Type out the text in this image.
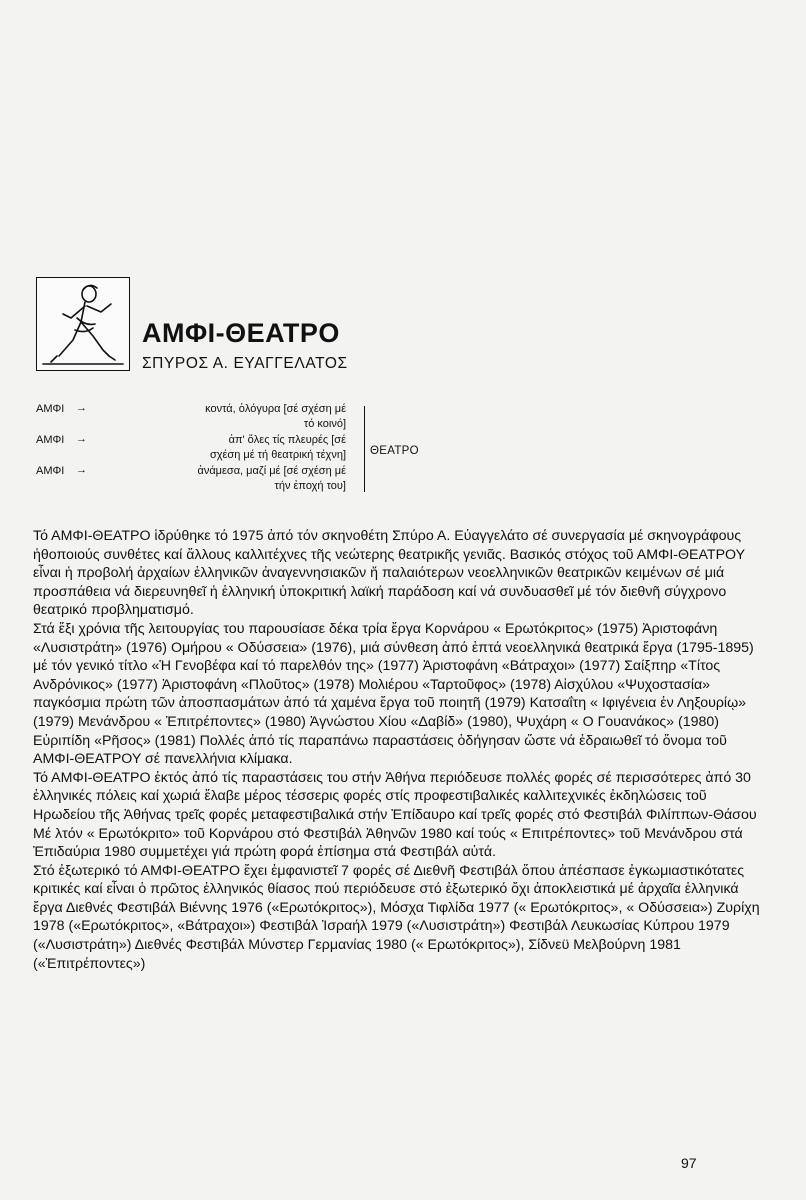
ΑΜΦΙ-ΘΕΑΤΡΟ
ΣΠΥΡΟΣ Α. ΕΥΑΓΓΕΛΑΤΟΣ
ΑΜΦΙ →	κοντά, ὁλόγυρα [σέ σχέση μέ
τό κοινό]
ΑΜΦΙ →	ἀπ' ὅλες τίς πλευρές [σέ
σχέση μέ τή θεατρική τέχνη]
ΑΜΦΙ →	ἀνάμεσα, μαζί μέ [σέ σχέση μέ
τήν ἐποχή του]
ΘΕΑΤΡΟ

Τό ΑΜΦΙ-ΘΕΑΤΡΟ ἱδρύθηκε τό 1975 ἀπό τόν σκηνοθέτη Σπύρο Α. Εὐαγγελάτο σέ συνεργασία μέ σκηνογράφους ἠθοποιούς συνθέτες καί ἄλλους καλλιτέχνες τῆς νεώτερης θεατρικῆς γενιᾶς. Βασικός στόχος τοῦ ΑΜΦΙ-ΘΕΑΤΡΟΥ εἶναι ἡ προβολή ἀρχαίων ἑλληνικῶν ἀναγεννησιακῶν ἤ παλαιότερων νεοελληνικῶν θεατρικῶν κειμένων σέ μιά προσπάθεια νά διερευνηθεῖ ἡ ἑλληνική ὑποκριτική λαϊκή παράδοση καί νά συνδυασθεῖ μέ τόν διεθνῆ σύγχρονο θεατρικό προβληματισμό.

Στά ἔξι χρόνια τῆς λειτουργίας του παρουσίασε δέκα τρία ἔργα Κορνάρου « Ερωτόκριτος» (1975) Ἀριστοφάνη «Λυσιστράτη» (1976) Ομήρου « Οδύσσεια» (1976), μιά σύνθεση ἀπό ἑπτά νεοελληνικά θεατρικά ἔργα (1795-1895) μέ τόν γενικό τίτλο «Ἡ Γενοβέφα καί τό παρελθόν της» (1977) Ἀριστοφάνη «Βάτραχοι» (1977) Σαίξπηρ «Τίτος Ανδρόνικος» (1977) Ἀριστοφάνη «Πλοῦτος» (1978) Μολιέρου «Ταρτοῦφος» (1978) Αἰσχύλου «Ψυχοστασία» παγκόσμια πρώτη τῶν ἀποσπασμάτων ἀπό τά χαμένα ἔργα τοῦ ποιητῆ (1979) Κατσαΐτη « Ιφιγένεια ἐν Ληξουρίῳ» (1979) Μενάνδρου « Ἐπιτρέποντες» (1980) Ἀγνώστου Χίου «Δαβίδ» (1980), Ψυχάρη « Ο Γουανάκος» (1980) Εὐριπίδη «Ρῆσος» (1981) Πολλές ἀπό τίς παραπάνω παραστάσεις ὁδήγησαν ὥστε νά ἑδραιωθεῖ τό ὄνομα τοῦ ΑΜΦΙ-ΘΕΑΤΡΟΥ σέ πανελλήνια κλίμακα.

Τό ΑΜΦΙ-ΘΕΑΤΡΟ ἐκτός ἀπό τίς παραστάσεις του στήν Ἀθήνα περιόδευσε πολλές φορές σέ περισσότερες ἀπό 30 ἑλληνικές πόλεις καί χωριά ἔλαβε μέρος τέσσερις φορές στίς προφεστιβαλικές καλλιτεχνικές ἐκδηλώσεις τοῦ Ηρωδείου τῆς Ἀθήνας τρεῖς φορές μεταφεστιβαλικά στήν Ἐπίδαυρο καί τρεῖς φορές στό Φεστιβάλ Φιλίππων-Θάσου Μέ λτόν « Ερωτόκριτο» τοῦ Κορνάρου στό Φεστιβάλ Ἀθηνῶν 1980 καί τούς « Επιτρέποντες» τοῦ Μενάνδρου στά Ἐπιδαύρια 1980 συμμετέχει γιά πρώτη φορά ἐπίσημα στά Φεστιβάλ αὐτά.

Στό ἐξωτερικό τό ΑΜΦΙ-ΘΕΑΤΡΟ ἔχει ἐμφανιστεῖ 7 φορές σέ Διεθνῆ Φεστιβάλ ὅπου ἀπέσπασε ἐγκωμιαστικότατες κριτικές καί εἶναι ὁ πρῶτος ἑλληνικός θίασος πού περιόδευσε στό ἐξωτερικό ὄχι ἀποκλειστικά μέ ἀρχαῖα ἑλληνικά ἔργα Διεθνές Φεστιβάλ Βιέννης 1976 («Ερωτόκριτος»), Μόσχα Τιφλίδα 1977 (« Ερωτόκριτος», « Οδύσσεια») Ζυρίχη 1978 («Ερωτόκριτος», «Βάτραχοι») Φεστιβάλ Ἰσραήλ 1979 («Λυσιστράτη») Φεστιβάλ Λευκωσίας Κύπρου 1979 («Λυσιστράτη») Διεθνές Φεστιβάλ Μύνστερ Γερμανίας 1980 (« Ερωτόκριτος»), Σίδνεϋ Μελβούρνη 1981 («Ἐπιτρέποντες»)

97
